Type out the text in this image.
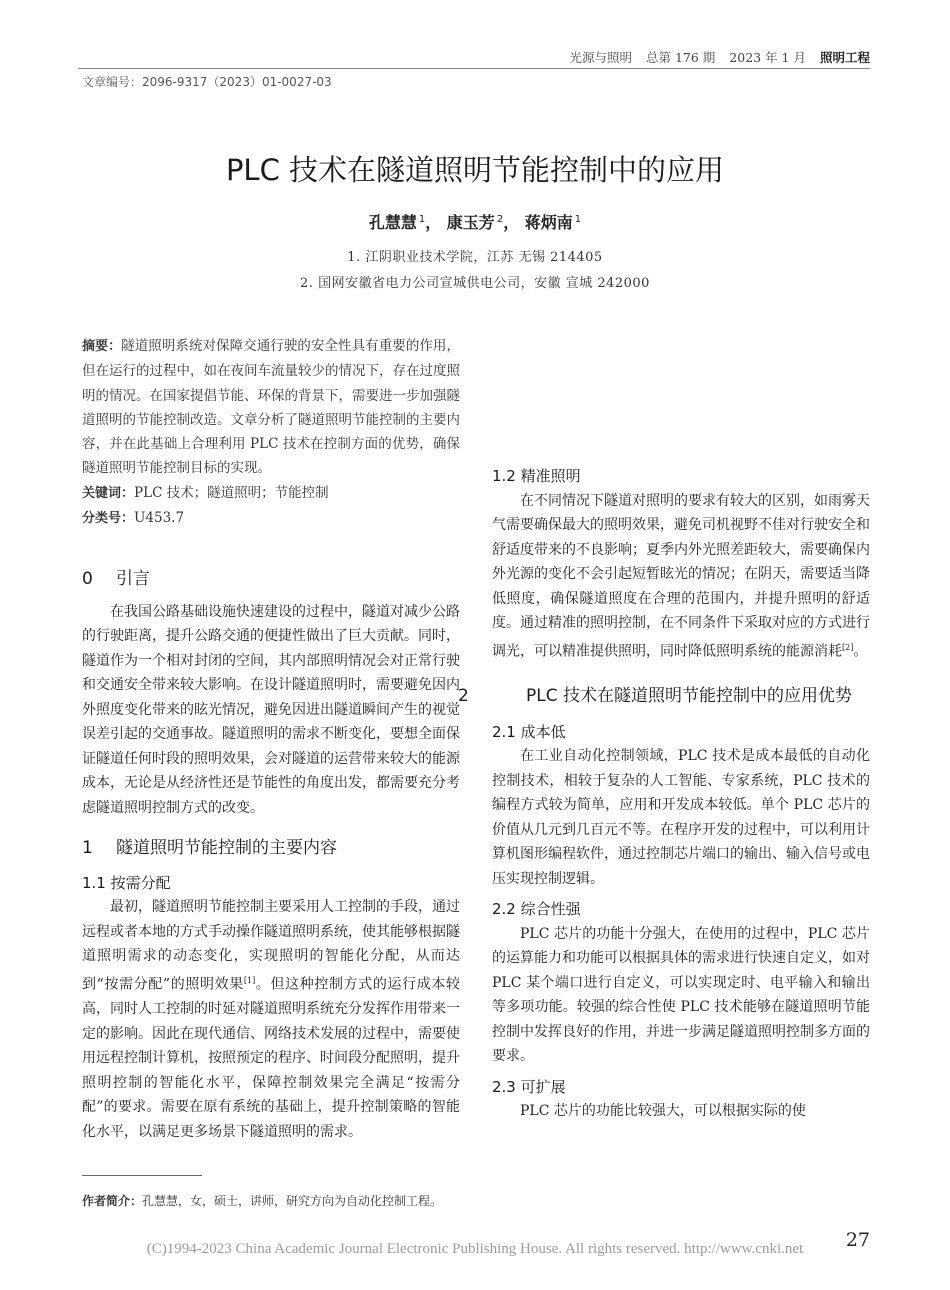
光源与照明 总第 176 期 2023 年 1 月 照明工程
文章编号：2096-9317（2023）01-0027-03
PLC 技术在隧道照明节能控制中的应用
孔慧慧 $^1$， 康玉芳 $^2$， 蒋炳南 $^1$
1. 江阴职业技术学院，江苏 无锡 214405
2. 国网安徽省电力公司宣城供电公司，安徽 宣城 242000

摘要：隧道照明系统对保障交通行驶的安全性具有重要的作用，但在运行的过程中，如在夜间车流量较少的情况下，存在过度照明的情况。在国家提倡节能、环保的背景下，需要进一步加强隧道照明的节能控制改造。文章分析了隧道照明节能控制的主要内容，并在此基础上合理利用 PLC 技术在控制方面的优势，确保隧道照明节能控制目标的实现。

关键词：PLC 技术；隧道照明；节能控制

分类号：U453.7

0 引言

在我国公路基础设施快速建设的过程中，隧道对减少公路的行驶距离，提升公路交通的便捷性做出了巨大贡献。同时，隧道作为一个相对封闭的空间，其内部照明情况会对正常行驶和交通安全带来较大影响。在设计隧道照明时，需要避免因内外照度变化带来的眩光情况，避免因进出隧道瞬间产生的视觉误差引起的交通事故。隧道照明的需求不断变化，要想全面保证隧道任何时段的照明效果，会对隧道的运营带来较大的能源成本，无论是从经济性还是节能性的角度出发，都需要充分考虑隧道照明控制方式的改变。

1 隧道照明节能控制的主要内容
1.1 按需分配

最初，隧道照明节能控制主要采用人工控制的手段，通过远程或者本地的方式手动操作隧道照明系统，使其能够根据隧道照明需求的动态变化，实现照明的智能化分配，从而达到“按需分配”的照明效果[1]。但这种控制方式的运行成本较高，同时人工控制的时延对隧道照明系统充分发挥作用带来一定的影响。因此在现代通信、网络技术发展的过程中，需要使用远程控制计算机，按照预定的程序、时间段分配照明，提升照明控制的智能化水平，保障控制效果完全满足“按需分配”的要求。需要在原有系统的基础上，提升控制策略的智能化水平，以满足更多场景下隧道照明的需求。

1.2 精准照明

在不同情况下隧道对照明的要求有较大的区别，如雨雾天气需要确保最大的照明效果，避免司机视野不佳对行驶安全和舒适度带来的不良影响；夏季内外光照差距较大，需要确保内外光源的变化不会引起短暂眩光的情况；在阴天，需要适当降低照度，确保隧道照度在合理的范围内，并提升照明的舒适度。通过精准的照明控制，在不同条件下采取对应的方式进行调光，可以精准提供照明，同时降低照明系统的能源消耗[2]。

2	PLC 技术在隧道照明节能控制中的应用优势
2.1 成本低

在工业自动化控制领域，PLC 技术是成本最低的自动化控制技术，相较于复杂的人工智能、专家系统，PLC 技术的编程方式较为简单，应用和开发成本较低。单个 PLC 芯片的价值从几元到几百元不等。在程序开发的过程中，可以利用计算机图形编程软件，通过控制芯片端口的输出、输入信号或电压实现控制逻辑。

2.2 综合性强

PLC 芯片的功能十分强大，在使用的过程中，PLC 芯片的运算能力和功能可以根据具体的需求进行快速自定义，如对 PLC 某个端口进行自定义，可以实现定时、电平输入和输出等多项功能。较强的综合性使 PLC 技术能够在隧道照明节能控制中发挥良好的作用，并进一步满足隧道照明控制多方面的要求。

2.3 可扩展

PLC 芯片的功能比较强大，可以根据实际的使

作者简介：孔慧慧，女，硕士，讲师，研究方向为自动化控制工程。
27
(C)1994-2023 China Academic Journal Electronic Publishing House. All rights reserved. http://www.cnki.net
